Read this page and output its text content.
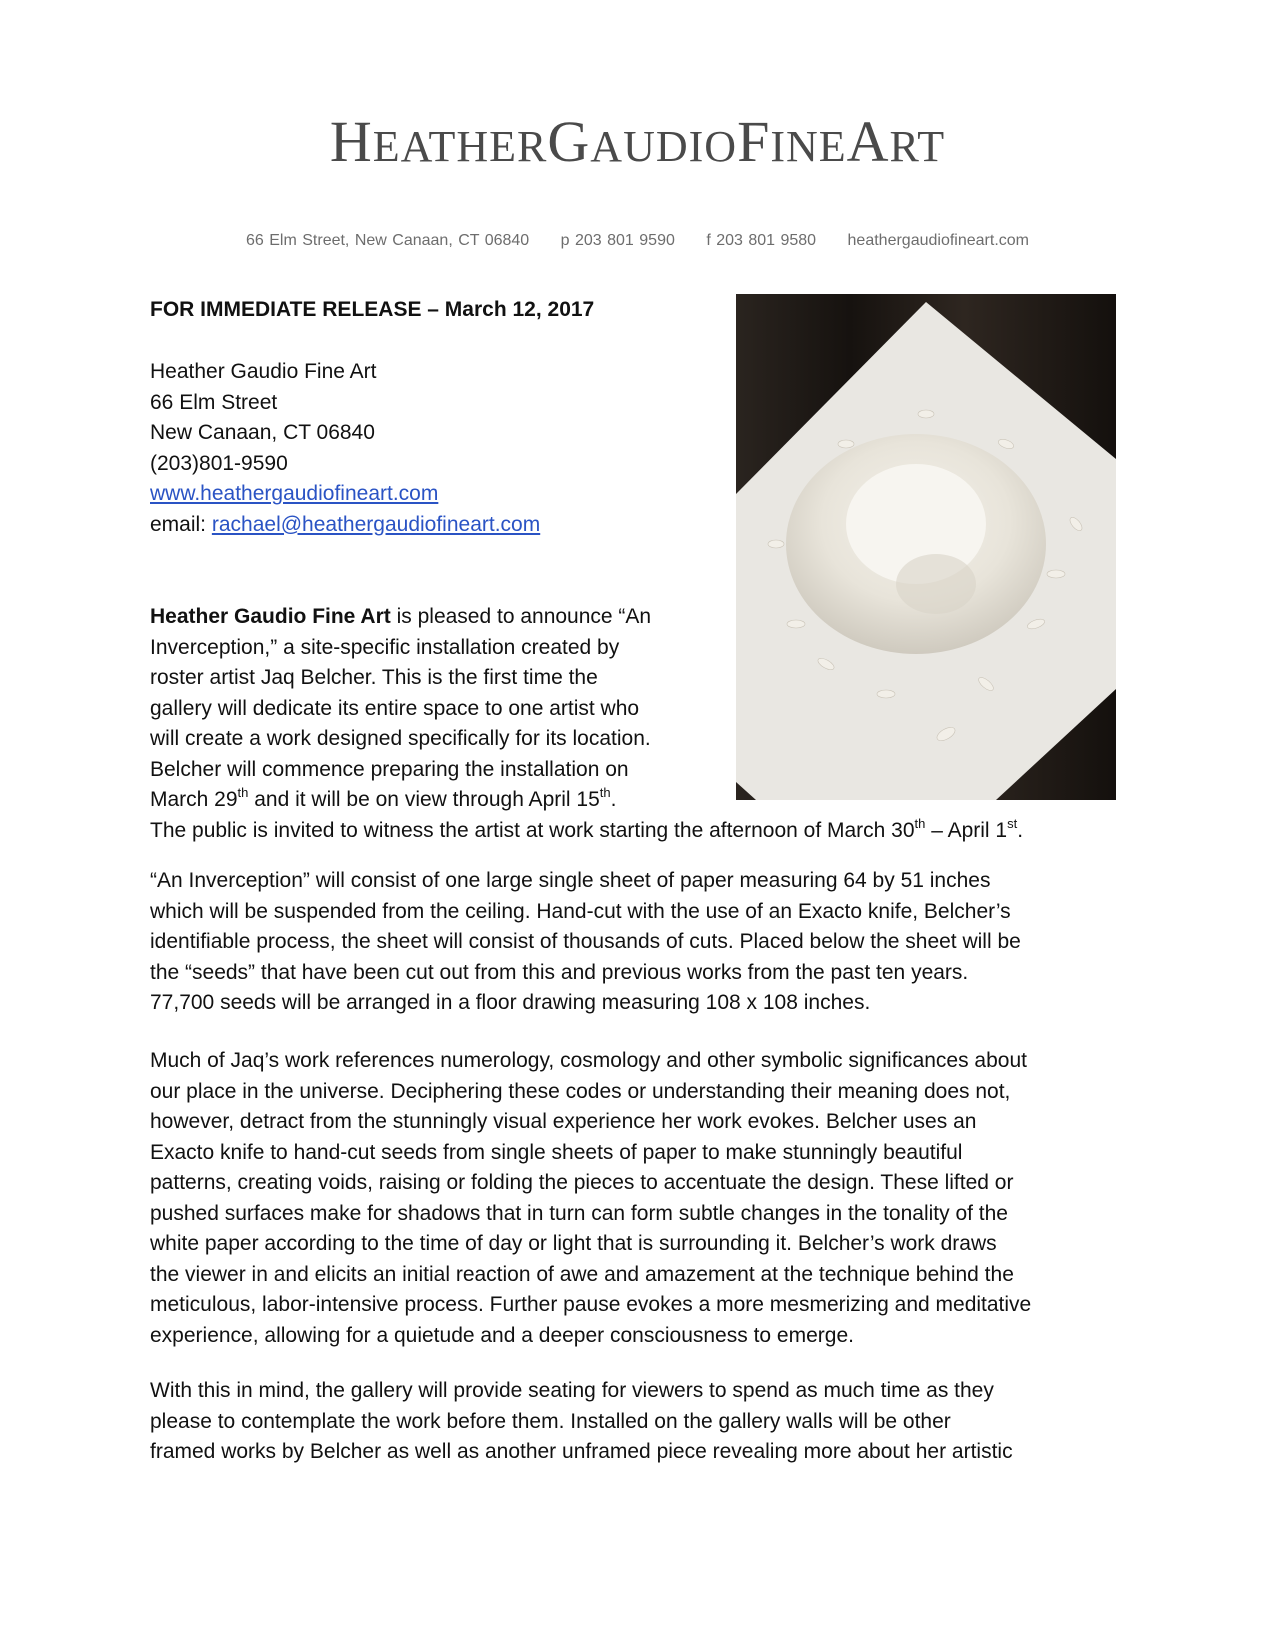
HEATHERGAUDIOFINEART
66 Elm Street, New Canaan, CT 06840 p 203 801 9590 f 203 801 9580 heathergaudiofineart.com
FOR IMMEDIATE RELEASE – March 12, 2017
Heather Gaudio Fine Art
66 Elm Street
New Canaan, CT 06840
(203)801-9590
www.heathergaudiofineart.com
email: rachael@heathergaudiofineart.com
Heather Gaudio Fine Art is pleased to announce “An
Inverception,” a site-specific installation created by
roster artist Jaq Belcher. This is the first time the
gallery will dedicate its entire space to one artist who
will create a work designed specifically for its location.
Belcher will commence preparing the installation on
March 29th and it will be on view through April 15th.
The public is invited to witness the artist at work starting the afternoon of March 30th – April 1st.
“An Inverception” will consist of one large single sheet of paper measuring 64 by 51 inches
which will be suspended from the ceiling. Hand-cut with the use of an Exacto knife, Belcher’s
identifiable process, the sheet will consist of thousands of cuts. Placed below the sheet will be
the “seeds” that have been cut out from this and previous works from the past ten years.
77,700 seeds will be arranged in a floor drawing measuring 108 x 108 inches.
Much of Jaq’s work references numerology, cosmology and other symbolic significances about
our place in the universe. Deciphering these codes or understanding their meaning does not,
however, detract from the stunningly visual experience her work evokes. Belcher uses an
Exacto knife to hand-cut seeds from single sheets of paper to make stunningly beautiful
patterns, creating voids, raising or folding the pieces to accentuate the design. These lifted or
pushed surfaces make for shadows that in turn can form subtle changes in the tonality of the
white paper according to the time of day or light that is surrounding it. Belcher’s work draws
the viewer in and elicits an initial reaction of awe and amazement at the technique behind the
meticulous, labor-intensive process. Further pause evokes a more mesmerizing and meditative
experience, allowing for a quietude and a deeper consciousness to emerge.
With this in mind, the gallery will provide seating for viewers to spend as much time as they
please to contemplate the work before them. Installed on the gallery walls will be other
framed works by Belcher as well as another unframed piece revealing more about her artistic
